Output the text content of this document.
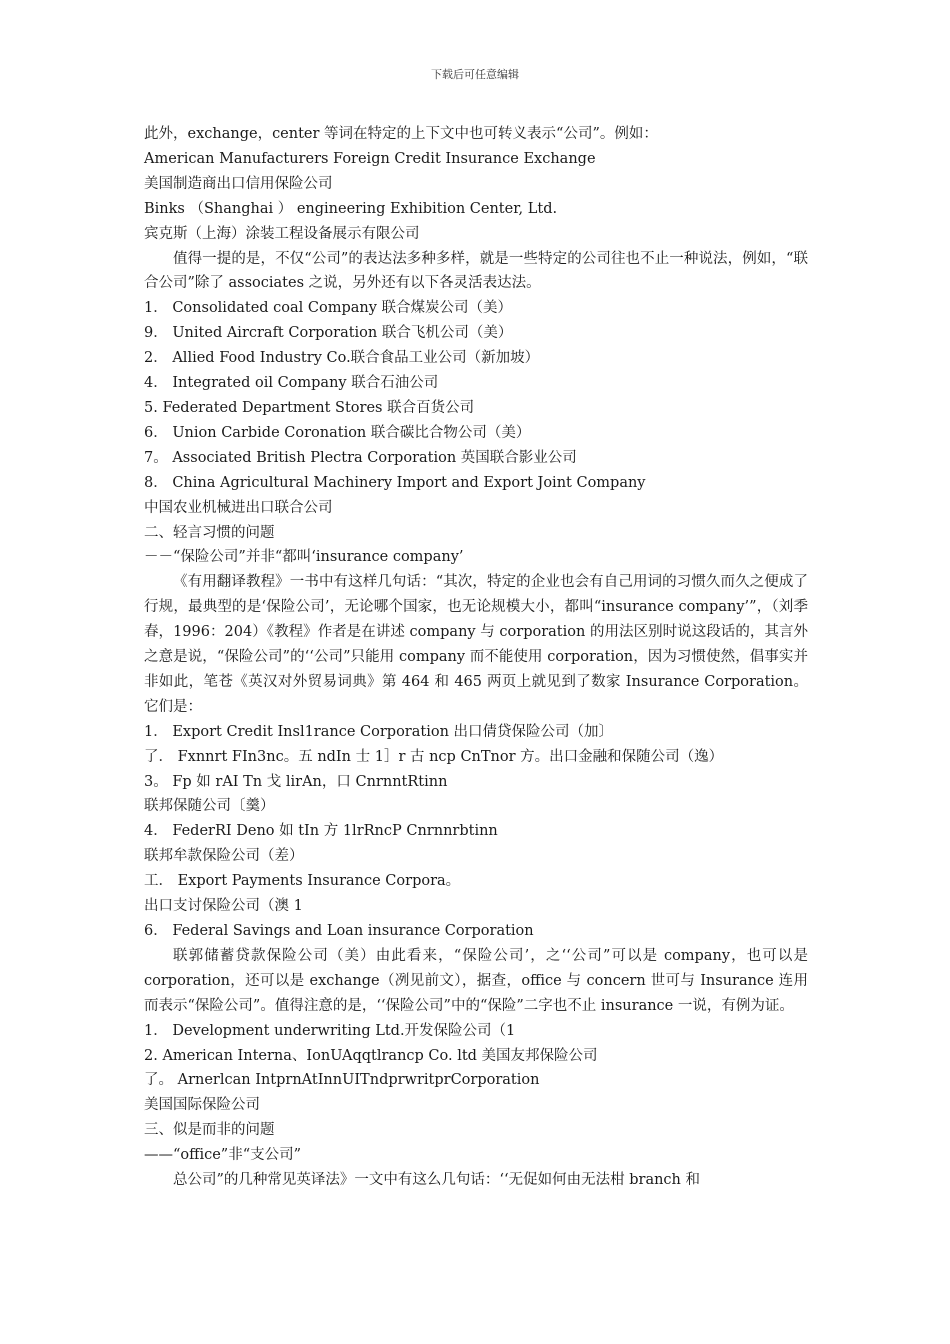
下载后可任意编辑

此外，exchange，center 等词在特定的上下文中也可转义表示“公司”。例如：

American Manufacturers Foreign Credit Insurance Exchange

美国制造商出口信用保险公司

Binks （Shanghai ） engineering Exhibition Center, Ltd.

宾克斯（上海）涂装工程设备展示有限公司

值得一提的是，不仅“公司”的表达法多种多样，就是一些特定的公司往也不止一种说法，例如，“联合公司”除了 associates 之说，另外还有以下各灵活表达法。

1． Consolidated coal Company 联合煤炭公司（美）

9． United Aircraft Corporation 联合飞机公司（美）

2． Allied Food Industry Co.联合食品工业公司（新加坡）

4． Integrated oil Company 联合石油公司

5. Federated Department Stores 联合百货公司

6． Union Carbide Coronation 联合碳比合物公司（美）

7。 Associated British Plectra Corporation 英国联合影业公司

8． China Agricultural Machinery Import and Export Joint Company

中国农业机械进出口联合公司

二、轻言习惯的问题

－－“保险公司”并非“都叫‘insurance company’

《有用翻译教程》一书中有这样几句话：“其次，特定的企业也会有自己用词的习惯久而久之便成了行规，最典型的是‘保险公司’，无论哪个国家，也无论规模大小，都叫“insurance company’”，（刘季春，1996：204）《教程》作者是在讲述 company 与 corporation 的用法区别时说这段话的，其言外之意是说，“保险公司”的‘‘公司”只能用 company 而不能使用 corporation，因为习惯使然，倡事实并非如此，笔苍《英汉对外贸易词典》第 464 和 465 两页上就见到了数家 Insurance Corporation。它们是：

1． Export Credit Insl1rance Corporation 出口倩贷保险公司（加〕

了． Fxnnrt FIn3nc。五 ndIn 士 1］r 古 ncp CnTnor 方。出口金融和保随公司（逸）

3。 Fp 如 rAI Tn 戈 lirAn，口 CnrnntRtinn

联邦保随公司〔羹）

4． FederRI Deno 如 tIn 方 1lrRncP Cnrnnrbtinn

联邦牟款保险公司（差）

工． Export Payments Insurance Corpora。

出口支讨保险公司（澳 1

6． Federal Savings and Loan insurance Corporation

联郭储蓄贷款保险公司（美）由此看来，“保险公司’，之‘‘公司”可以是 company，也可以是 corporation，还可以是 exchange（冽见前文），据查，office 与 concern 世可与 Insurance 连用而表示“保险公司”。值得注意的是，‘‘保险公司”中的“保险”二字也不止 insurance 一说，有例为证。

1． Development underwriting Ltd.开发保险公司（1

2. American Interna、IonUAqqtlrancp Co. ltd 美国友邦保险公司

了。 Arnerlcan IntprnAtInnUITndprwritprCorporation

美国国际保险公司

三、似是而非的问题

——“office”非“支公司”

总公司”的几种常见英译法》一文中有这么几句话：‘‘无促如何由无法柑 branch 和
